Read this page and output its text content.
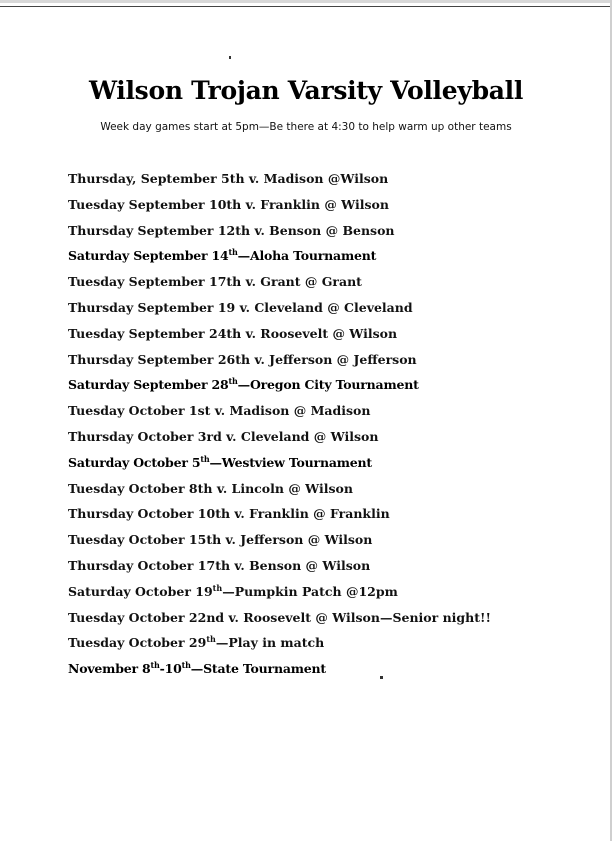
Wilson Trojan Varsity Volleyball
Week day games start at 5pm—Be there at 4:30 to help warm up other teams
Thursday, September 5th v. Madison @Wilson
Tuesday September 10th v. Franklin @ Wilson
Thursday September 12th v. Benson @ Benson
Saturday September 14th—Aloha Tournament
Tuesday September 17th v. Grant @ Grant
Thursday September 19 v. Cleveland @ Cleveland
Tuesday September 24th v. Roosevelt @ Wilson
Thursday September 26th v. Jefferson @ Jefferson
Saturday September 28th—Oregon City Tournament
Tuesday October 1st v. Madison @ Madison
Thursday October 3rd v. Cleveland @ Wilson
Saturday October 5th—Westview Tournament
Tuesday October 8th v. Lincoln @ Wilson
Thursday October 10th v. Franklin @ Franklin
Tuesday October 15th v. Jefferson @ Wilson
Thursday October 17th v. Benson @ Wilson
Saturday October 19th—Pumpkin Patch @12pm
Tuesday October 22nd v. Roosevelt @ Wilson—Senior night!!
Tuesday October 29th—Play in match
November 8th-10th—State Tournament
